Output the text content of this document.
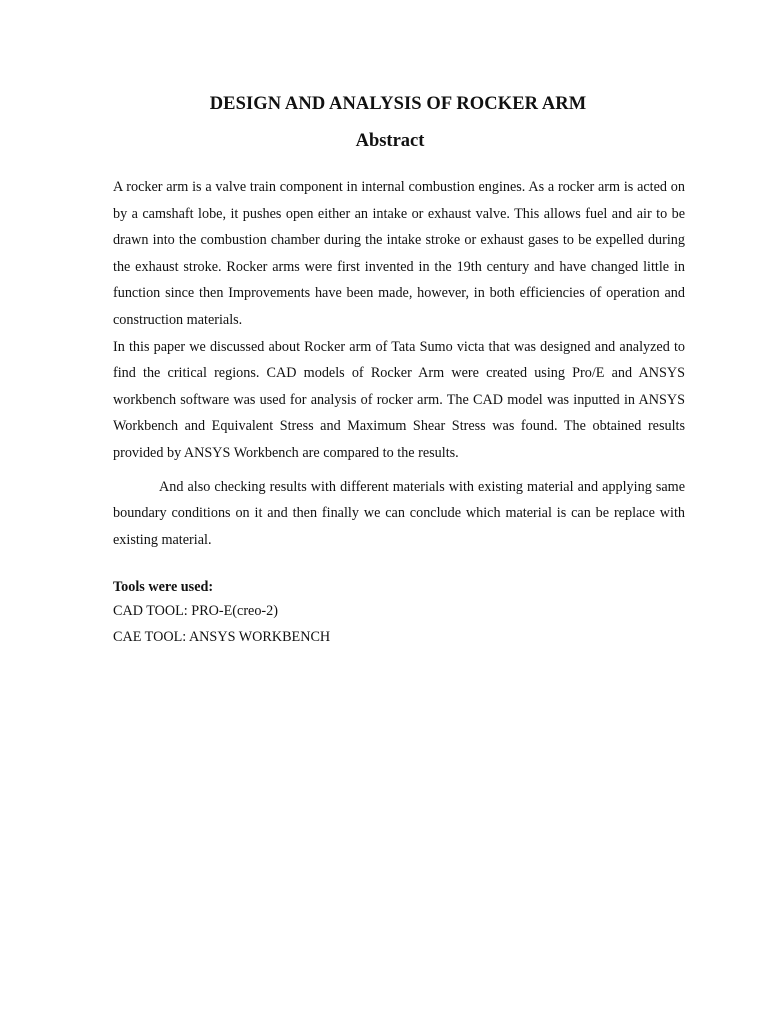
DESIGN AND ANALYSIS OF ROCKER ARM
Abstract

A rocker arm is a valve train component in internal combustion engines. As a rocker arm is acted on by a camshaft lobe, it pushes open either an intake or exhaust valve. This allows fuel and air to be drawn into the combustion chamber during the intake stroke or exhaust gases to be expelled during the exhaust stroke. Rocker arms were first invented in the 19th century and have changed little in function since then Improvements have been made, however, in both efficiencies of operation and construction materials.

In this paper we discussed about Rocker arm of Tata Sumo victa that was designed and analyzed to find the critical regions. CAD models of Rocker Arm were created using Pro/E and ANSYS workbench software was used for analysis of rocker arm. The CAD model was inputted in ANSYS Workbench and Equivalent Stress and Maximum Shear Stress was found. The obtained results provided by ANSYS Workbench are compared to the results.

And also checking results with different materials with existing material and applying same boundary conditions on it and then finally we can conclude which material is can be replace with existing material.

Tools were used:
CAD TOOL: PRO-E(creo-2)
CAE TOOL: ANSYS WORKBENCH
